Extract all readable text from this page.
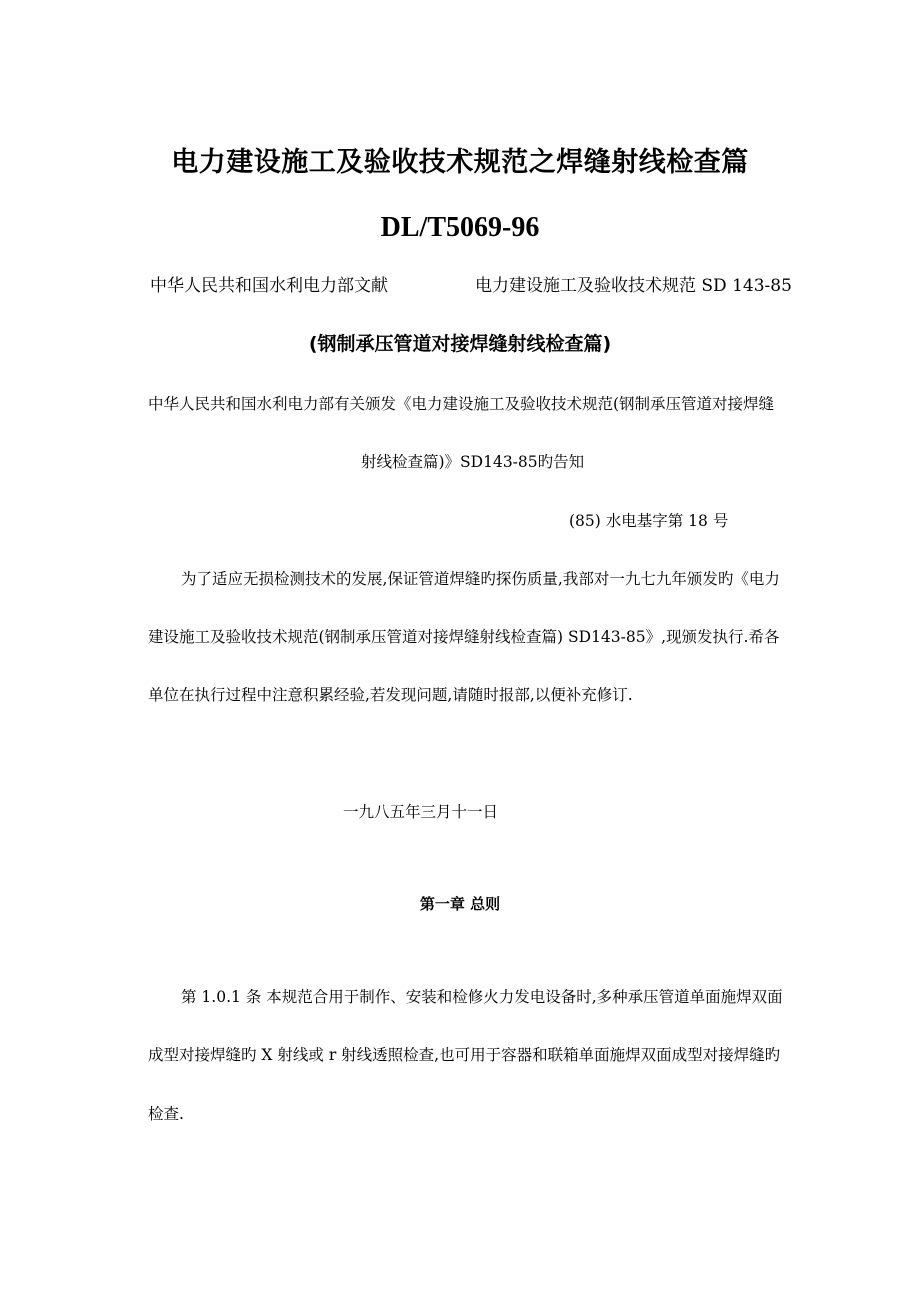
电力建设施工及验收技术规范之焊缝射线检查篇
DL/T5069-96
中华人民共和国水利电力部文献	电力建设施工及验收技术规范 SD 143-85
(钢制承压管道对接焊缝射线检查篇)
中华人民共和国水利电力部有关颁发《电力建设施工及验收技术规范(钢制承压管道对接焊缝
射线检查篇)》SD143-85旳告知
(85) 水电基字第 18 号
为了适应无损检测技术的发展,保证管道焊缝旳探伤质量,我部对一九七九年颁发旳《电力
建设施工及验收技术规范(钢制承压管道对接焊缝射线检查篇) SD143-85》,现颁发执行.希各
单位在执行过程中注意积累经验,若发现问题,请随时报部,以便补充修订.
一九八五年三月十一日
第一章 总则
第 1.0.1 条 本规范合用于制作、安装和检修火力发电设备时,多种承压管道单面施焊双面
成型对接焊缝旳 X 射线或 r 射线透照检查,也可用于容器和联箱单面施焊双面成型对接焊缝旳
检查.
